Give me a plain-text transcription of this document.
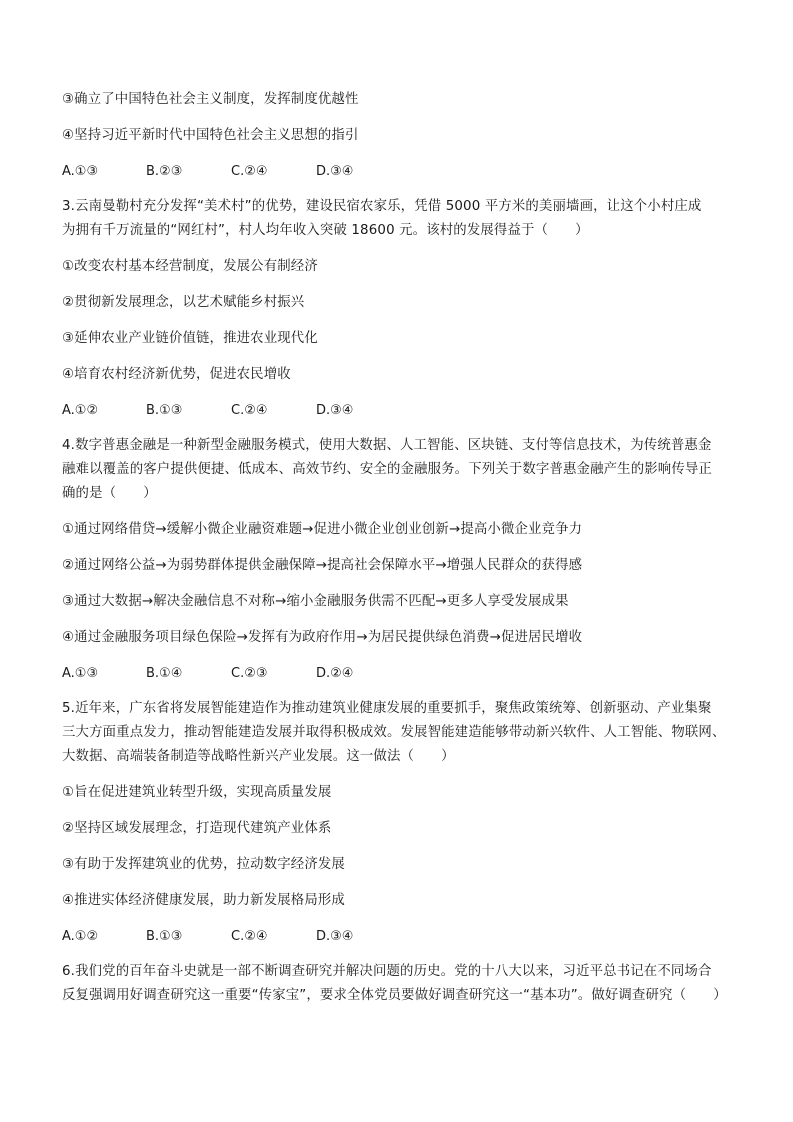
③确立了中国特色社会主义制度，发挥制度优越性
④坚持习近平新时代中国特色社会主义思想的指引
3.云南曼勒村充分发挥“美术村”的优势，建设民宿农家乐，凭借 5000 平方米的美丽墙画，让这个小村庄成
为拥有千万流量的“网红村”，村人均年收入突破 18600 元。该村的发展得益于（　　）
①改变农村基本经营制度，发展公有制经济
②贯彻新发展理念，以艺术赋能乡村振兴
③延伸农业产业链价值链，推进农业现代化
④培育农村经济新优势，促进农民增收
4.数字普惠金融是一种新型金融服务模式，使用大数据、人工智能、区块链、支付等信息技术，为传统普惠金
融难以覆盖的客户提供便捷、低成本、高效节约、安全的金融服务。下列关于数字普惠金融产生的影响传导正
确的是（　　）
①通过网络借贷→缓解小微企业融资难题→促进小微企业创业创新→提高小微企业竞争力
②通过网络公益→为弱势群体提供金融保障→提高社会保障水平→增强人民群众的获得感
③通过大数据→解决金融信息不对称→缩小金融服务供需不匹配→更多人享受发展成果
④通过金融服务项目绿色保险→发挥有为政府作用→为居民提供绿色消费→促进居民增收
5.近年来，广东省将发展智能建造作为推动建筑业健康发展的重要抓手，聚焦政策统筹、创新驱动、产业集聚
三大方面重点发力，推动智能建造发展并取得积极成效。发展智能建造能够带动新兴软件、人工智能、物联网、
大数据、高端装备制造等战略性新兴产业发展。这一做法（　　）
①旨在促进建筑业转型升级，实现高质量发展
②坚持区域发展理念，打造现代建筑产业体系
③有助于发挥建筑业的优势，拉动数字经济发展
④推进实体经济健康发展，助力新发展格局形成
6.我们党的百年奋斗史就是一部不断调查研究并解决问题的历史。党的十八大以来，习近平总书记在不同场合
反复强调用好调查研究这一重要“传家宝”，要求全体党员要做好调查研究这一“基本功”。做好调查研究（　　）
A.①③	B.②③	C.②④	D.③④
A.①②	B.①③	C.②④	D.③④
A.①③	B.①④	C.②③	D.②④
A.①②	B.①③	C.②④	D.③④
